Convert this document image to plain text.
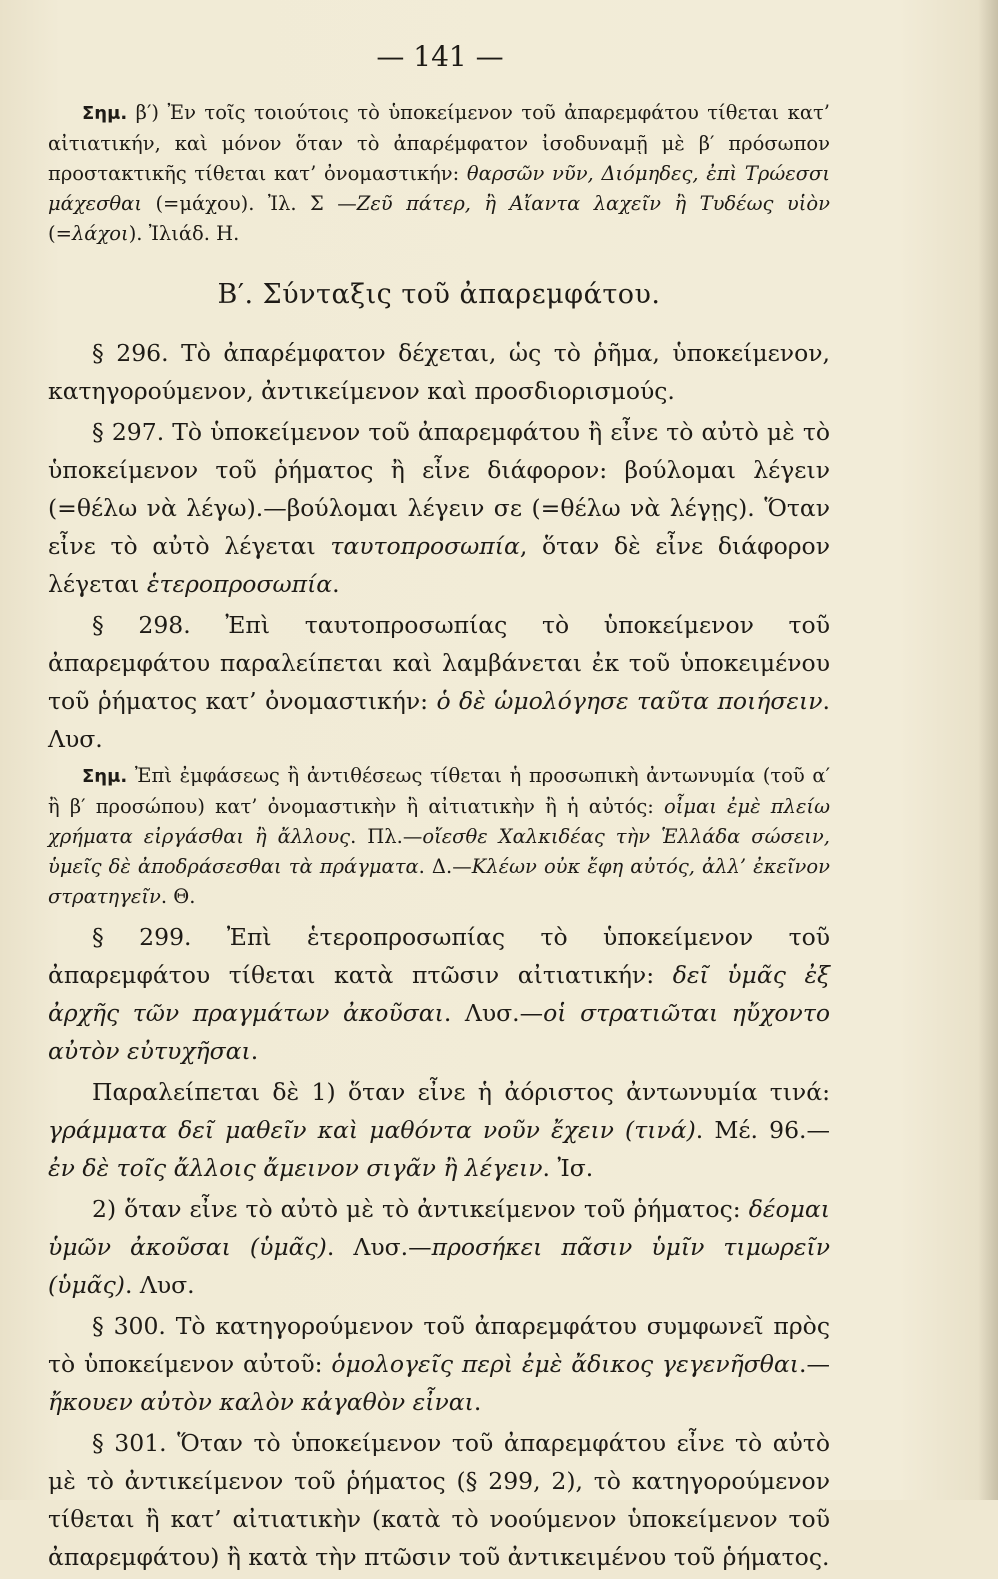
— 141 —

Σημ. β′) Ἐν τοῖς τοιούτοις τὸ ὑποκείμενον τοῦ ἀπαρεμφάτου τίθεται κατ’ αἰτιατικήν, καὶ μόνον ὅταν τὸ ἀπαρέμφατον ἰσοδυναμῇ μὲ β′ πρόσωπον προστακτικῆς τίθεται κατ’ ὀνομαστικήν: θαρσῶν νῦν, Διόμηδες, ἐπὶ Τρώεσσι μάχεσθαι (=μάχου). Ἰλ. Σ —Ζεῦ πάτερ, ἢ Αἴαντα λαχεῖν ἢ Τυδέως υἱὸν (=λάχοι). Ἰλιάδ. Η.

Β′. Σύνταξις τοῦ ἀπαρεμφάτου.

§ 296. Τὸ ἀπαρέμφατον δέχεται, ὡς τὸ ῥῆμα, ὑποκείμενον, κατηγορούμενον, ἀντικείμενον καὶ προσδιορισμούς.

§ 297. Τὸ ὑποκείμενον τοῦ ἀπαρεμφάτου ἢ εἶνε τὸ αὐτὸ μὲ τὸ ὑποκείμενον τοῦ ῥήματος ἢ εἶνε διάφορον: βούλομαι λέγειν (=θέλω νὰ λέγω).—βούλομαι λέγειν σε (=θέλω νὰ λέγῃς). Ὅταν εἶνε τὸ αὐτὸ λέγεται ταυτοπροσωπία, ὅταν δὲ εἶνε διάφορον λέγεται ἑτεροπροσωπία.

§ 298. Ἐπὶ ταυτοπροσωπίας τὸ ὑποκείμενον τοῦ ἀπαρεμφάτου παραλείπεται καὶ λαμβάνεται ἐκ τοῦ ὑποκειμένου τοῦ ῥήματος κατ’ ὀνομαστικήν: ὁ δὲ ὡμολόγησε ταῦτα ποιήσειν. Λυσ.

Σημ. Ἐπὶ ἐμφάσεως ἢ ἀντιθέσεως τίθεται ἡ προσωπικὴ ἀντωνυμία (τοῦ α′ ἢ β′ προσώπου) κατ’ ὀνομαστικὴν ἢ αἰτιατικὴν ἢ ἡ αὐτός: οἶμαι ἐμὲ πλείω χρήματα εἰργάσθαι ἢ ἄλλους. Πλ.—οἴεσθε Χαλκιδέας τὴν Ἑλλάδα σώσειν, ὑμεῖς δὲ ἀποδράσεσθαι τὰ πράγματα. Δ.—Κλέων οὐκ ἔφη αὐτός, ἀλλ’ ἐκεῖνον στρατηγεῖν. Θ.

§ 299. Ἐπὶ ἑτεροπροσωπίας τὸ ὑποκείμενον τοῦ ἀπαρεμφάτου τίθεται κατὰ πτῶσιν αἰτιατικήν: δεῖ ὑμᾶς ἐξ ἀρχῆς τῶν πραγμάτων ἀκοῦσαι. Λυσ.—οἱ στρατιῶται ηὔχοντο αὐτὸν εὐτυχῆσαι.

Παραλείπεται δὲ 1) ὅταν εἶνε ἡ ἀόριστος ἀντωνυμία τινά: γράμματα δεῖ μαθεῖν καὶ μαθόντα νοῦν ἔχειν (τινά). Μέ. 96.— ἐν δὲ τοῖς ἄλλοις ἄμεινον σιγᾶν ἢ λέγειν. Ἰσ.

2) ὅταν εἶνε τὸ αὐτὸ μὲ τὸ ἀντικείμενον τοῦ ῥήματος: δέομαι ὑμῶν ἀκοῦσαι (ὑμᾶς). Λυσ.—προσήκει πᾶσιν ὑμῖν τιμωρεῖν (ὑμᾶς). Λυσ.

§ 300. Τὸ κατηγορούμενον τοῦ ἀπαρεμφάτου συμφωνεῖ πρὸς τὸ ὑποκείμενον αὐτοῦ: ὁμολογεῖς περὶ ἐμὲ ἄδικος γεγενῆσθαι.— ἤκουεν αὐτὸν καλὸν κἀγαθὸν εἶναι.

§ 301. Ὅταν τὸ ὑποκείμενον τοῦ ἀπαρεμφάτου εἶνε τὸ αὐτὸ μὲ τὸ ἀντικείμενον τοῦ ῥήματος (§ 299, 2), τὸ κατηγορούμενον τίθεται ἢ κατ’ αἰτιατικὴν (κατὰ τὸ νοούμενον ὑποκείμενον τοῦ ἀπαρεμφάτου) ἢ κατὰ τὴν πτῶσιν τοῦ ἀντικειμένου τοῦ ῥήματος.
